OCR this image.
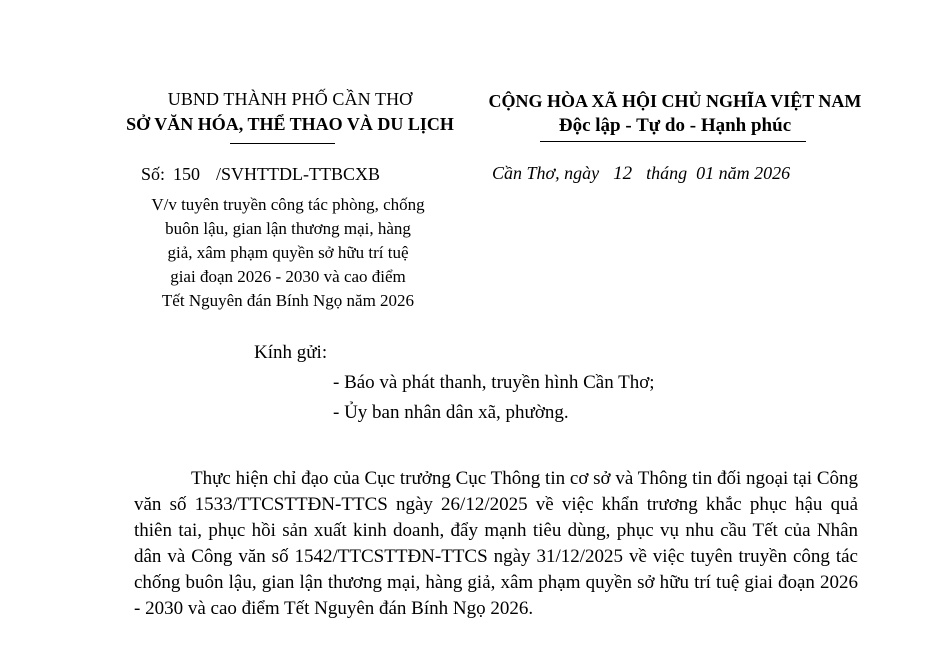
UBND THÀNH PHỐ CẦN THƠ
SỞ VĂN HÓA, THỂ THAO VÀ DU LỊCH
CỘNG HÒA XÃ HỘI CHỦ NGHĨA VIỆT NAM
Độc lập - Tự do - Hạnh phúc
Số: 150 /SVHTTDL-TTBCXB	Cần Thơ, ngày 12 tháng  01 năm 2026
V/v tuyên truyền công tác phòng, chống
buôn lậu, gian lận thương mại, hàng
giả, xâm phạm quyền sở hữu trí tuệ
giai đoạn 2026 - 2030 và cao điểm
Tết Nguyên đán Bính Ngọ năm 2026
Kính gửi:
- Báo và phát thanh, truyền hình Cần Thơ;
- Ủy ban nhân dân xã, phường.
Thực hiện chỉ đạo của Cục trưởng Cục Thông tin cơ sở và Thông tin đối ngoại tại Công văn số 1533/TTCSTTĐN-TTCS ngày 26/12/2025 về việc khẩn trương khắc phục hậu quả thiên tai, phục hồi sản xuất kinh doanh, đẩy mạnh tiêu dùng, phục vụ nhu cầu Tết của Nhân dân và Công văn số 1542/TTCSTTĐN-TTCS ngày 31/12/2025 về việc tuyên truyền công tác chống buôn lậu, gian lận thương mại, hàng giả, xâm phạm quyền sở hữu trí tuệ giai đoạn 2026 - 2030 và cao điểm Tết Nguyên đán Bính Ngọ 2026.
